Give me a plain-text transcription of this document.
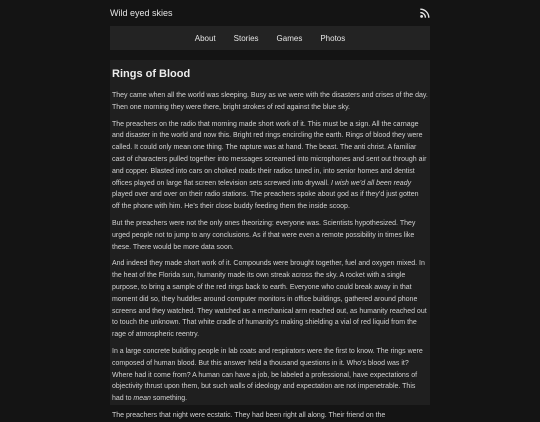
Wild eyed skies
About Stories Games Photos
Rings of Blood

They came when all the world was sleeping. Busy as we were with the disasters and crises of the day. Then one morning they were there, bright strokes of red against the blue sky.

The preachers on the radio that morning made short work of it. This must be a sign. All the carnage and disaster in the world and now this. Bright red rings encircling the earth. Rings of blood they were called. It could only mean one thing. The rapture was at hand. The beast. The anti christ. A familiar cast of characters pulled together into messages screamed into microphones and sent out through air and copper. Blasted into cars on choked roads their radios tuned in, into senior homes and dentist offices played on large flat screen television sets screwed into drywall. I wish we’d all been ready played over and over on their radio stations. The preachers spoke about god as if they’d just gotten off the phone with him. He’s their close buddy feeding them the inside scoop.

But the preachers were not the only ones theorizing: everyone was. Scientists hypothesized. They urged people not to jump to any conclusions. As if that were even a remote possibility in times like these. There would be more data soon.

And indeed they made short work of it. Compounds were brought together, fuel and oxygen mixed. In the heat of the Florida sun, humanity made its own streak across the sky. A rocket with a single purpose, to bring a sample of the red rings back to earth. Everyone who could break away in that moment did so, they huddles around computer monitors in office buildings, gathered around phone screens and they watched. They watched as a mechanical arm reached out, as humanity reached out to touch the unknown. That white cradle of humanity’s making shielding a vial of red liquid from the rage of atmospheric reentry.

In a large concrete building people in lab coats and respirators were the first to know. The rings were composed of human blood. But this answer held a thousand questions in it. Who’s blood was it? Where had it come from? A human can have a job, be labeled a professional, have expectations of objectivity thrust upon them, but such walls of ideology and expectation are not impenetrable. This had to mean something.

The preachers that night were ecstatic. They had been right all along. Their friend on the
